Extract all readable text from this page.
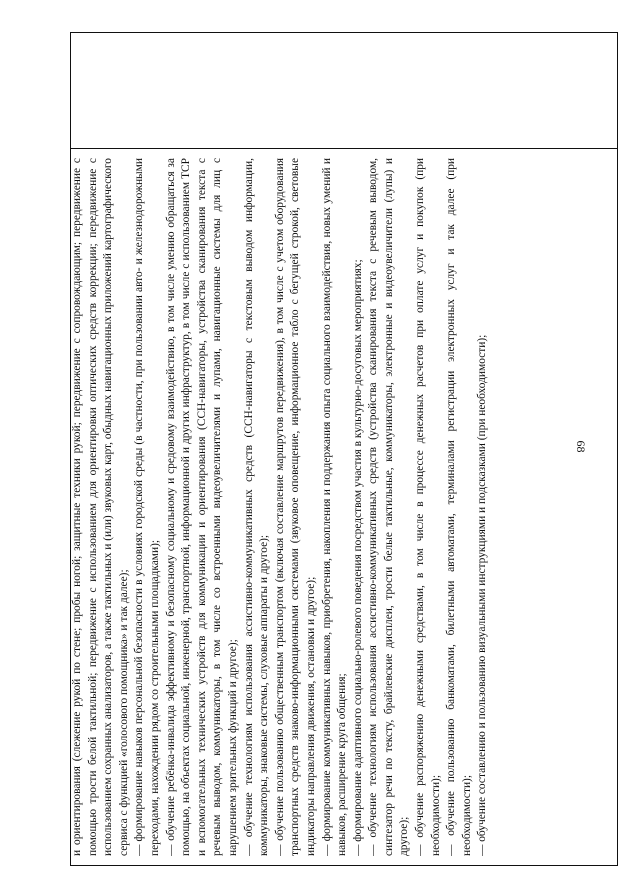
68

и ориентирования (слежение рукой по стене; пробы ногой; защитные техники рукой; передвижение с сопровождающим; передвижение с помощью трости белой тактильной; передвижение с использованием для ориентировки оптических средств коррекции; передвижение с использованием сохранных анализаторов, а также тактильных и (или) звуковых карт, обыдных навигационных приложений картографического сервиса с функцией «голосового помощника» и так далее); — формирование навыков персональной безопасности в условиях городской среды (в частности, при пользовании авто- и железнодорожными переходами, нахождении рядом со строительными площадками); — обучение ребёнка-инвалида эффективному и безопасному социальному и средовому взаимодействию, в том числе умению обращаться за помощью, на объектах социальной, инженерной, транспортной, информационной и других инфраструктур, в том числе с использованием ТСР и вспомогательных технических устройств для коммуникации и ориентирования (ССН-навигаторы, устройства сканирования текста с речевым выводом, коммуникаторы, в том числе со встроенными видеоувеличителями и лупами, навигационные системы для лиц с нарушением зрительных функций и другое); — обучение технологиям использования ассистивно-коммуникативных средств (ССН-навигаторы с текстовым выводом информации, коммуникаторы, знаковые системы, слуховые аппараты и другое); — обучение пользованию общественным транспортом (включая составление маршрутов передвижения), в том числе с учетом оборудования транспортных средств знаково-информационными системами (звуковое оповещение, информационное табло с бегущей строкой, световые индикаторы направления движения, остановки и другое); — формирование коммуникативных навыков, приобретения, накопления и поддержания опыта социального взаимодействия, новых умений и навыков, расширение круга общения; — формирование адаптивного социально-ролевого поведения посредством участия в культурно-досуговых мероприятиях; — обучение технологиям использования ассистивно-коммуникативных средств (устройства сканирования текста с речевым выводом, синтезатор речи по тексту, брайлевские дисплеи, трости белые тактильные, коммуникаторы, электронные и видеоувеличители (лупы) и другое); — обучение распоряжению денежными средствами, в том числе в процессе денежных расчетов при оплате услуг и покупок (при необходимости); — обучение пользованию банкоматами, билетными автоматами, терминалами регистрации электронных услуг и так далее (при необходимости); — обучение составлению и пользованию визуальными инструкциями и подсказками (при необходимости);
